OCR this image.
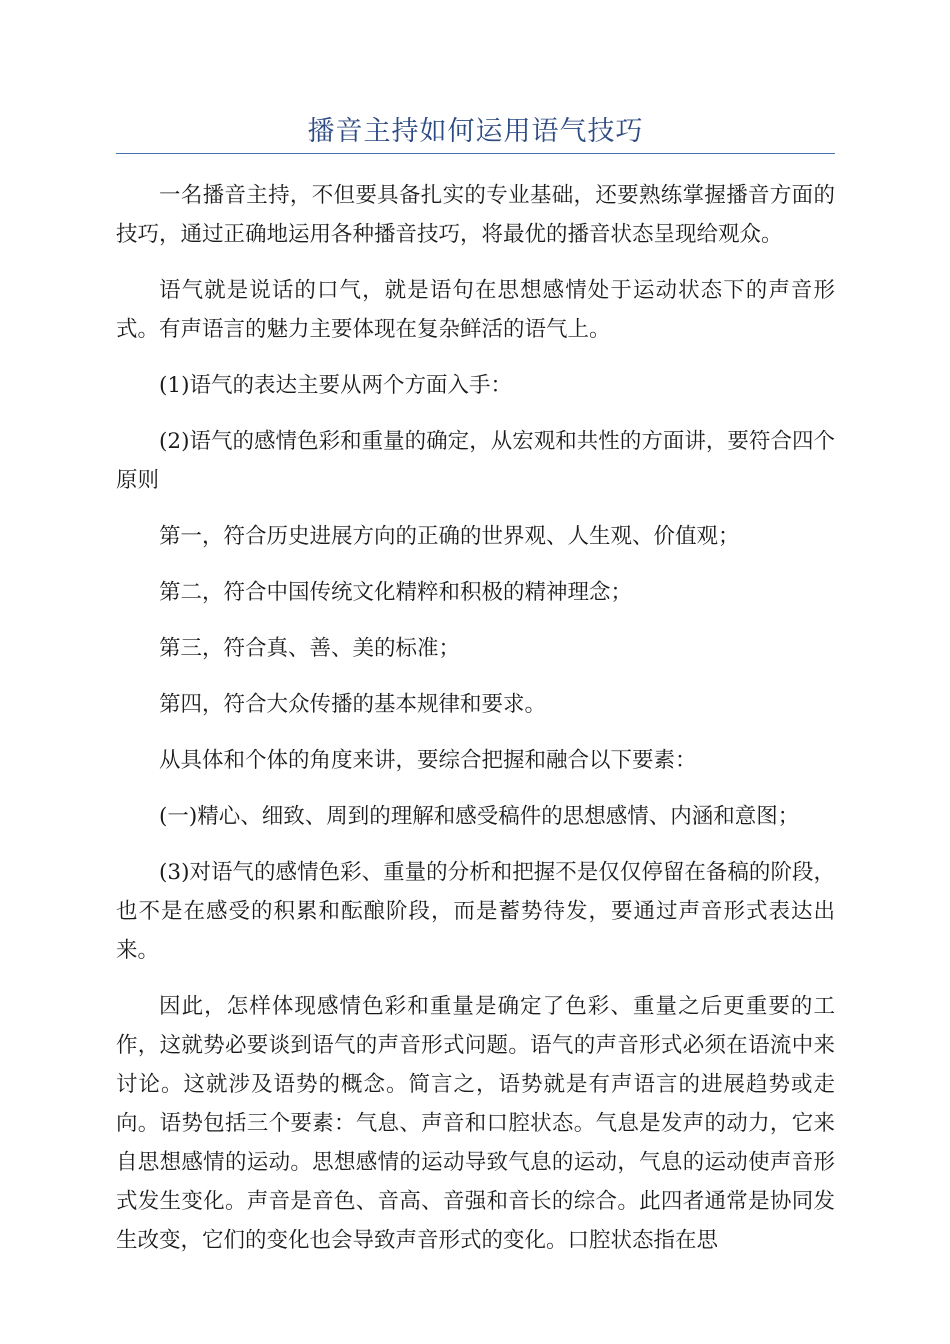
播音主持如何运用语气技巧

一名播音主持，不但要具备扎实的专业基础，还要熟练掌握播音方面的技巧，通过正确地运用各种播音技巧，将最优的播音状态呈现给观众。

语气就是说话的口气，就是语句在思想感情处于运动状态下的声音形式。有声语言的魅力主要体现在复杂鲜活的语气上。

(1)语气的表达主要从两个方面入手：

(2)语气的感情色彩和重量的确定，从宏观和共性的方面讲，要符合四个原则

第一，符合历史进展方向的正确的世界观、人生观、价值观；

第二，符合中国传统文化精粹和积极的精神理念；

第三，符合真、善、美的标准；

第四，符合大众传播的基本规律和要求。

从具体和个体的角度来讲，要综合把握和融合以下要素：

(一)精心、细致、周到的理解和感受稿件的思想感情、内涵和意图；

(3)对语气的感情色彩、重量的分析和把握不是仅仅停留在备稿的阶段，也不是在感受的积累和酝酿阶段，而是蓄势待发，要通过声音形式表达出来。

因此，怎样体现感情色彩和重量是确定了色彩、重量之后更重要的工作，这就势必要谈到语气的声音形式问题。语气的声音形式必须在语流中来讨论。这就涉及语势的概念。简言之，语势就是有声语言的进展趋势或走向。语势包括三个要素：气息、声音和口腔状态。气息是发声的动力，它来自思想感情的运动。思想感情的运动导致气息的运动，气息的运动使声音形式发生变化。声音是音色、音高、音强和音长的综合。此四者通常是协同发生改变，它们的变化也会导致声音形式的变化。口腔状态指在思
